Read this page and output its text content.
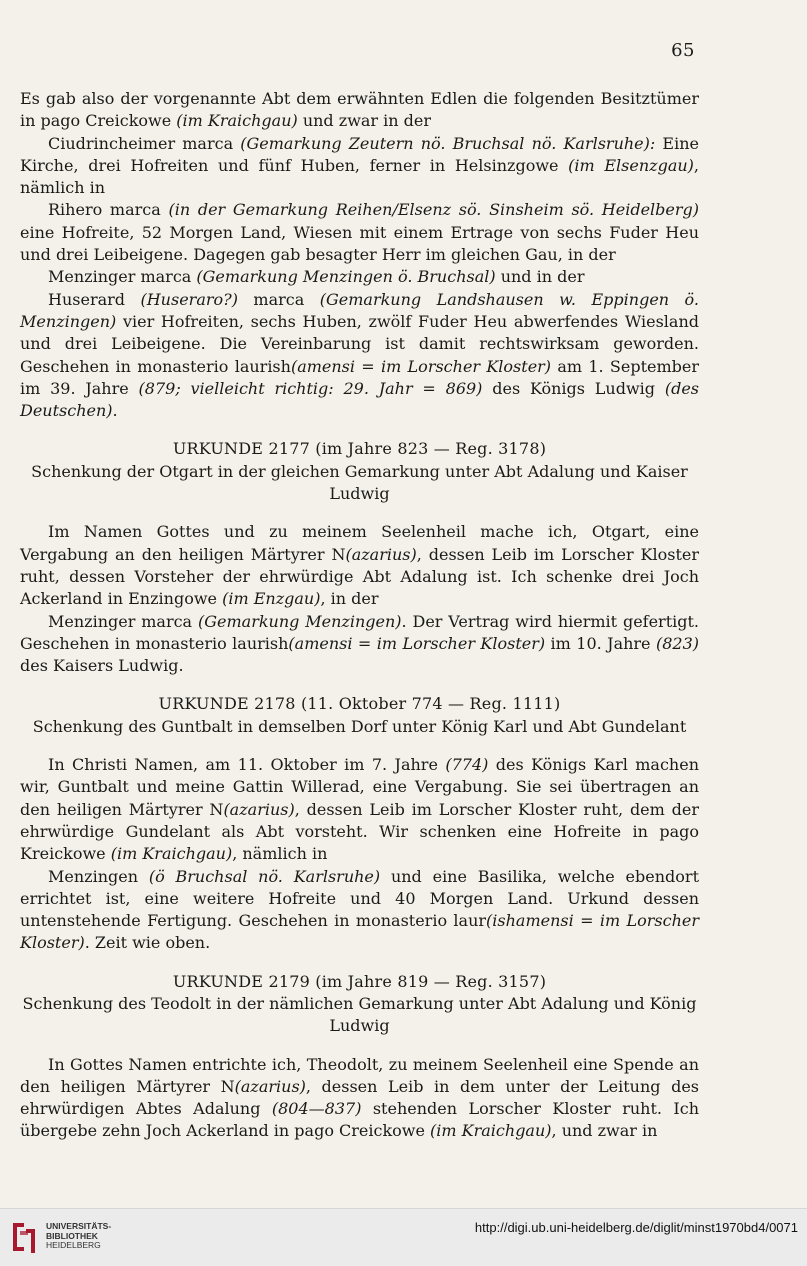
65

Es gab also der vorgenannte Abt dem erwähnten Edlen die folgenden Besitztümer in pago Creickowe (im Kraichgau) und zwar in der

Ciudrincheimer marca (Gemarkung Zeutern nö. Bruchsal nö. Karlsruhe): Eine Kirche, drei Hofreiten und fünf Huben, ferner in Helsinzgowe (im Elsenzgau), nämlich in

Rihero marca (in der Gemarkung Reihen/Elsenz sö. Sinsheim sö. Heidelberg) eine Hofreite, 52 Morgen Land, Wiesen mit einem Ertrage von sechs Fuder Heu und drei Leibeigene. Dagegen gab besagter Herr im gleichen Gau, in der

Menzinger marca (Gemarkung Menzingen ö. Bruchsal) und in der

Huserard (Huseraro?) marca (Gemarkung Landshausen w. Eppingen ö. Menzingen) vier Hofreiten, sechs Huben, zwölf Fuder Heu abwerfendes Wiesland und drei Leibeigene. Die Vereinbarung ist damit rechtswirksam geworden. Geschehen in monasterio laurish(amensi = im Lorscher Kloster) am 1. September im 39. Jahre (879; vielleicht richtig: 29. Jahr = 869) des Königs Ludwig (des Deutschen).

URKUNDE 2177 (im Jahre 823 — Reg. 3178)

Schenkung der Otgart in der gleichen Gemarkung unter Abt Adalung und Kaiser Ludwig

Im Namen Gottes und zu meinem Seelenheil mache ich, Otgart, eine Vergabung an den heiligen Märtyrer N(azarius), dessen Leib im Lorscher Kloster ruht, dessen Vorsteher der ehrwürdige Abt Adalung ist. Ich schenke drei Joch Ackerland in Enzingowe (im Enzgau), in der

Menzinger marca (Gemarkung Menzingen). Der Vertrag wird hiermit gefertigt. Geschehen in monasterio laurish(amensi = im Lorscher Kloster) im 10. Jahre (823) des Kaisers Ludwig.

URKUNDE 2178 (11. Oktober 774 — Reg. 1111)

Schenkung des Guntbalt in demselben Dorf unter König Karl und Abt Gundelant

In Christi Namen, am 11. Oktober im 7. Jahre (774) des Königs Karl machen wir, Guntbalt und meine Gattin Willerad, eine Vergabung. Sie sei übertragen an den heiligen Märtyrer N(azarius), dessen Leib im Lorscher Kloster ruht, dem der ehrwürdige Gundelant als Abt vorsteht. Wir schenken eine Hofreite in pago Kreickowe (im Kraichgau), nämlich in

Menzingen (ö Bruchsal nö. Karlsruhe) und eine Basilika, welche ebendort errichtet ist, eine weitere Hofreite und 40 Morgen Land. Urkund dessen untenstehende Fertigung. Geschehen in monasterio laur(ishamensi = im Lorscher Kloster). Zeit wie oben.

URKUNDE 2179 (im Jahre 819 — Reg. 3157)

Schenkung des Teodolt in der nämlichen Gemarkung unter Abt Adalung und König Ludwig

In Gottes Namen entrichte ich, Theodolt, zu meinem Seelenheil eine Spende an den heiligen Märtyrer N(azarius), dessen Leib in dem unter der Leitung des ehrwürdigen Abtes Adalung (804—837) stehenden Lorscher Kloster ruht. Ich übergebe zehn Joch Ackerland in pago Creickowe (im Kraichgau), und zwar in

UNIVERSITÄTS-
BIBLIOTHEK
HEIDELBERG
http://digi.ub.uni-heidelberg.de/diglit/minst1970bd4/0071
